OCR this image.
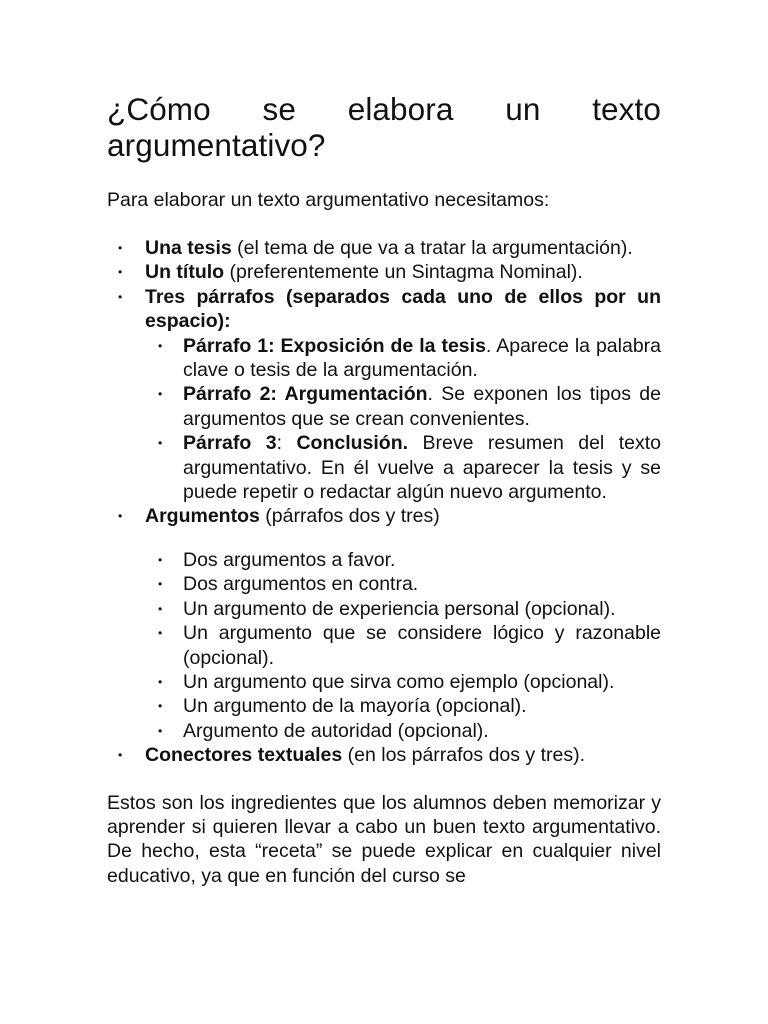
¿Cómo se elabora un texto
argumentativo?

Para elaborar un texto argumentativo necesitamos:

• Una tesis (el tema de que va a tratar la argumentación).
• Un título (preferentemente un Sintagma Nominal).
• Tres párrafos (separados cada uno de ellos por un espacio):
• Párrafo 1: Exposición de la tesis. Aparece la palabra clave o tesis de la argumentación.
• Párrafo 2: Argumentación. Se exponen los tipos de argumentos que se crean convenientes.
• Párrafo 3: Conclusión. Breve resumen del texto argumentativo. En él vuelve a aparecer la tesis y se puede repetir o redactar algún nuevo argumento.
• Argumentos (párrafos dos y tres)
• Dos argumentos a favor.
• Dos argumentos en contra.
• Un argumento de experiencia personal (opcional).
• Un argumento que se considere lógico y razonable (opcional).
• Un argumento que sirva como ejemplo (opcional).
• Un argumento de la mayoría (opcional).
• Argumento de autoridad (opcional).
• Conectores textuales (en los párrafos dos y tres).

Estos son los ingredientes que los alumnos deben memorizar y aprender si quieren llevar a cabo un buen texto argumentativo. De hecho, esta “receta” se puede explicar en cualquier nivel educativo, ya que en función del curso se
